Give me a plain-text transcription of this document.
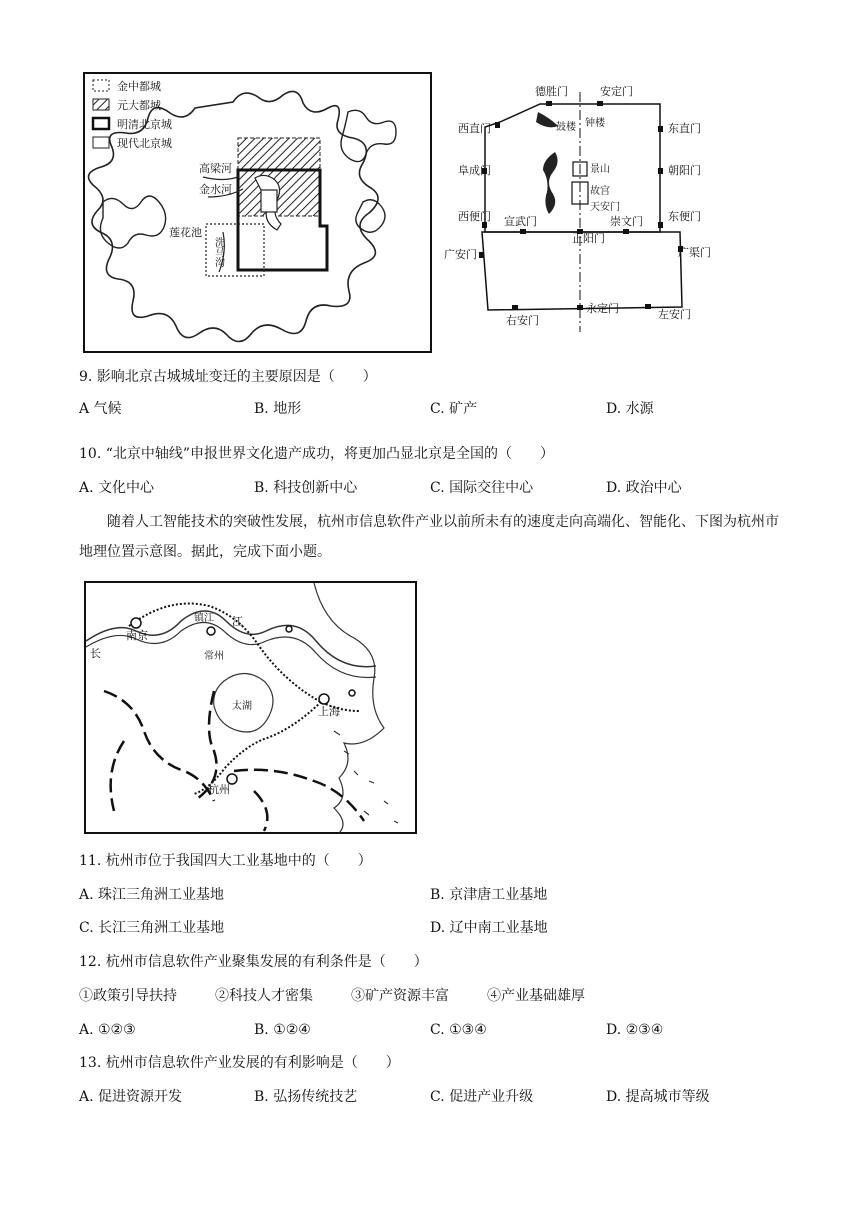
金中都城
元大都城
明清北京城
现代北京城
高梁河
金水河
莲花池
洗马沟
德胜门	安定门
西直门	东直门
阜成门	朝阳门
西便门 宣武门
正阳门
崇文门 东便门
广安门	广渠门
右安门
永定门	左安门
钟楼
鼓楼
景山
故宫
天安门
9. 影响北京古城城址变迁的主要原因是（　　）
A 气候	B. 地形	C. 矿产	D. 水源
10. “北京中轴线”申报世界文化遗产成功，将更加凸显北京是全国的（　　）
A. 文化中心	B. 科技创新中心	C. 国际交往中心	D. 政治中心
随着人工智能技术的突破性发展，杭州市信息软件产业以前所未有的速度走向高端化、智能化、下图为杭州市地理位置示意图。据此，完成下面小题。
南京
镇江
常州
上海
杭州
长
江
太湖
11. 杭州市位于我国四大工业基地中的（　　）
A. 珠江三角洲工业基地	B. 京津唐工业基地
C. 长江三角洲工业基地	D. 辽中南工业基地
12. 杭州市信息软件产业聚集发展的有利条件是（　　）
①政策引导扶持	②科技人才密集	③矿产资源丰富	④产业基础雄厚
A. ①②③	B. ①②④	C. ①③④	D. ②③④
13. 杭州市信息软件产业发展的有利影响是（　　）
A. 促进资源开发	B. 弘扬传统技艺	C. 促进产业升级	D. 提高城市等级
